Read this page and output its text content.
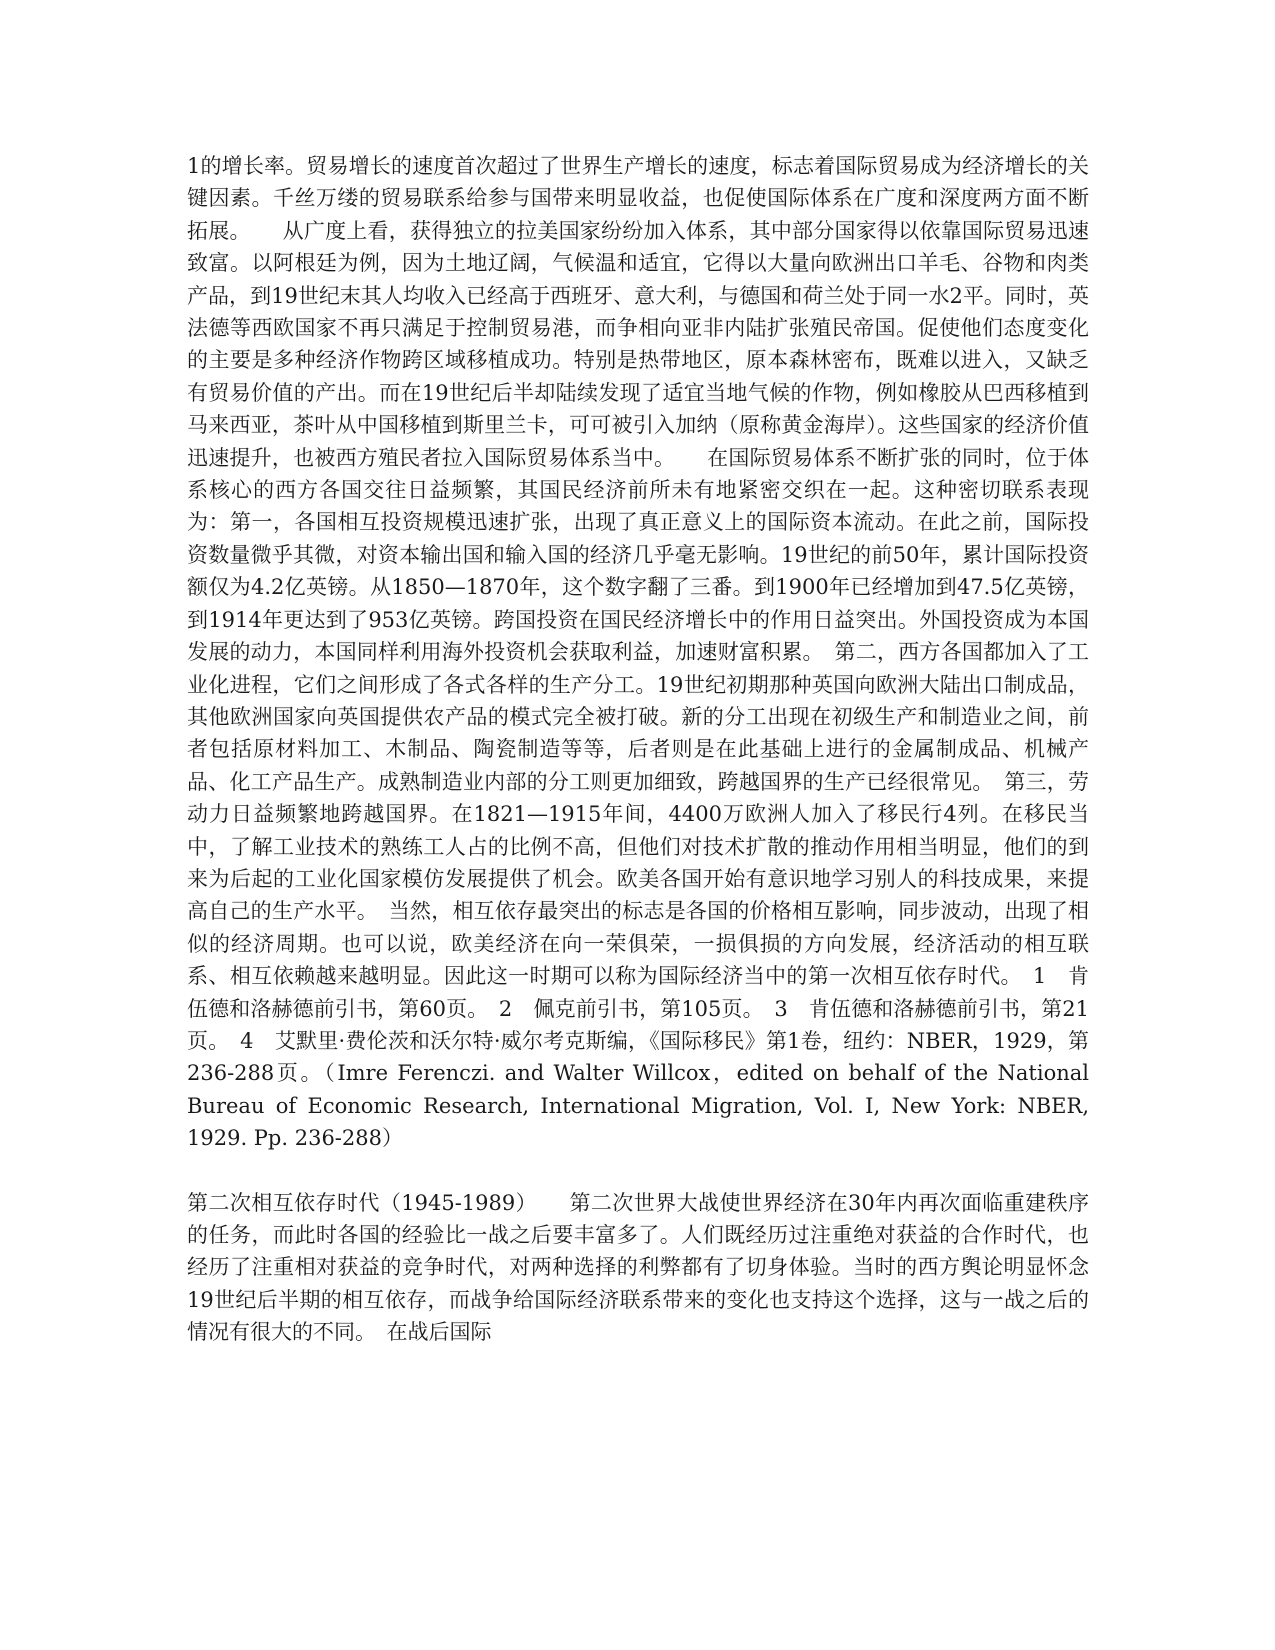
1的增长率。贸易增长的速度首次超过了世界生产增长的速度，标志着国际贸易成为经济增长的关键因素。千丝万缕的贸易联系给参与国带来明显收益，也促使国际体系在广度和深度两方面不断拓展。　　从广度上看，获得独立的拉美国家纷纷加入体系，其中部分国家得以依靠国际贸易迅速致富。以阿根廷为例，因为土地辽阔，气候温和适宜，它得以大量向欧洲出口羊毛、谷物和肉类产品，到19世纪末其人均收入已经高于西班牙、意大利，与德国和荷兰处于同一水2平。同时，英法德等西欧国家不再只满足于控制贸易港，而争相向亚非内陆扩张殖民帝国。促使他们态度变化的主要是多种经济作物跨区域移植成功。特别是热带地区，原本森林密布，既难以进入，又缺乏有贸易价值的产出。而在19世纪后半却陆续发现了适宜当地气候的作物，例如橡胶从巴西移植到马来西亚，茶叶从中国移植到斯里兰卡，可可被引入加纳（原称黄金海岸）。这些国家的经济价值迅速提升，也被西方殖民者拉入国际贸易体系当中。　　在国际贸易体系不断扩张的同时，位于体系核心的西方各国交往日益频繁，其国民经济前所未有地紧密交织在一起。这种密切联系表现为：第一，各国相互投资规模迅速扩张，出现了真正意义上的国际资本流动。在此之前，国际投资数量微乎其微，对资本输出国和输入国的经济几乎毫无影响。19世纪的前50年，累计国际投资额仅为4.2亿英镑。从1850—1870年，这个数字翻了三番。到1900年已经增加到47.5亿英镑，到1914年更达到了953亿英镑。跨国投资在国民经济增长中的作用日益突出。外国投资成为本国发展的动力，本国同样利用海外投资机会获取利益，加速财富积累。　第二，西方各国都加入了工业化进程，它们之间形成了各式各样的生产分工。19世纪初期那种英国向欧洲大陆出口制成品，其他欧洲国家向英国提供农产品的模式完全被打破。新的分工出现在初级生产和制造业之间，前者包括原材料加工、木制品、陶瓷制造等等，后者则是在此基础上进行的金属制成品、机械产品、化工产品生产。成熟制造业内部的分工则更加细致，跨越国界的生产已经很常见。　第三，劳动力日益频繁地跨越国界。在1821—1915年间，4400万欧洲人加入了移民行4列。在移民当中，了解工业技术的熟练工人占的比例不高，但他们对技术扩散的推动作用相当明显，他们的到来为后起的工业化国家模仿发展提供了机会。欧美各国开始有意识地学习别人的科技成果，来提高自己的生产水平。　当然，相互依存最突出的标志是各国的价格相互影响，同步波动，出现了相似的经济周期。也可以说，欧美经济在向一荣俱荣，一损俱损的方向发展，经济活动的相互联系、相互依赖越来越明显。因此这一时期可以称为国际经济当中的第一次相互依存时代。　1　肯伍德和洛赫德前引书，第60页。　2　佩克前引书，第105页。　3　肯伍德和洛赫德前引书，第21页。　4　艾默里·费伦茨和沃尔特·威尔考克斯编，《国际移民》第1卷，纽约：NBER，1929，第236-288页。（Imre Ferenczi. and Walter Willcox，edited on behalf of the National Bureau of Economic Research, International Migration, Vol. I, New York: NBER, 1929. Pp. 236-288）

第二次相互依存时代（1945-1989）　　第二次世界大战使世界经济在30年内再次面临重建秩序的任务，而此时各国的经验比一战之后要丰富多了。人们既经历过注重绝对获益的合作时代，也经历了注重相对获益的竞争时代，对两种选择的利弊都有了切身体验。当时的西方舆论明显怀念19世纪后半期的相互依存，而战争给国际经济联系带来的变化也支持这个选择，这与一战之后的情况有很大的不同。　在战后国际
